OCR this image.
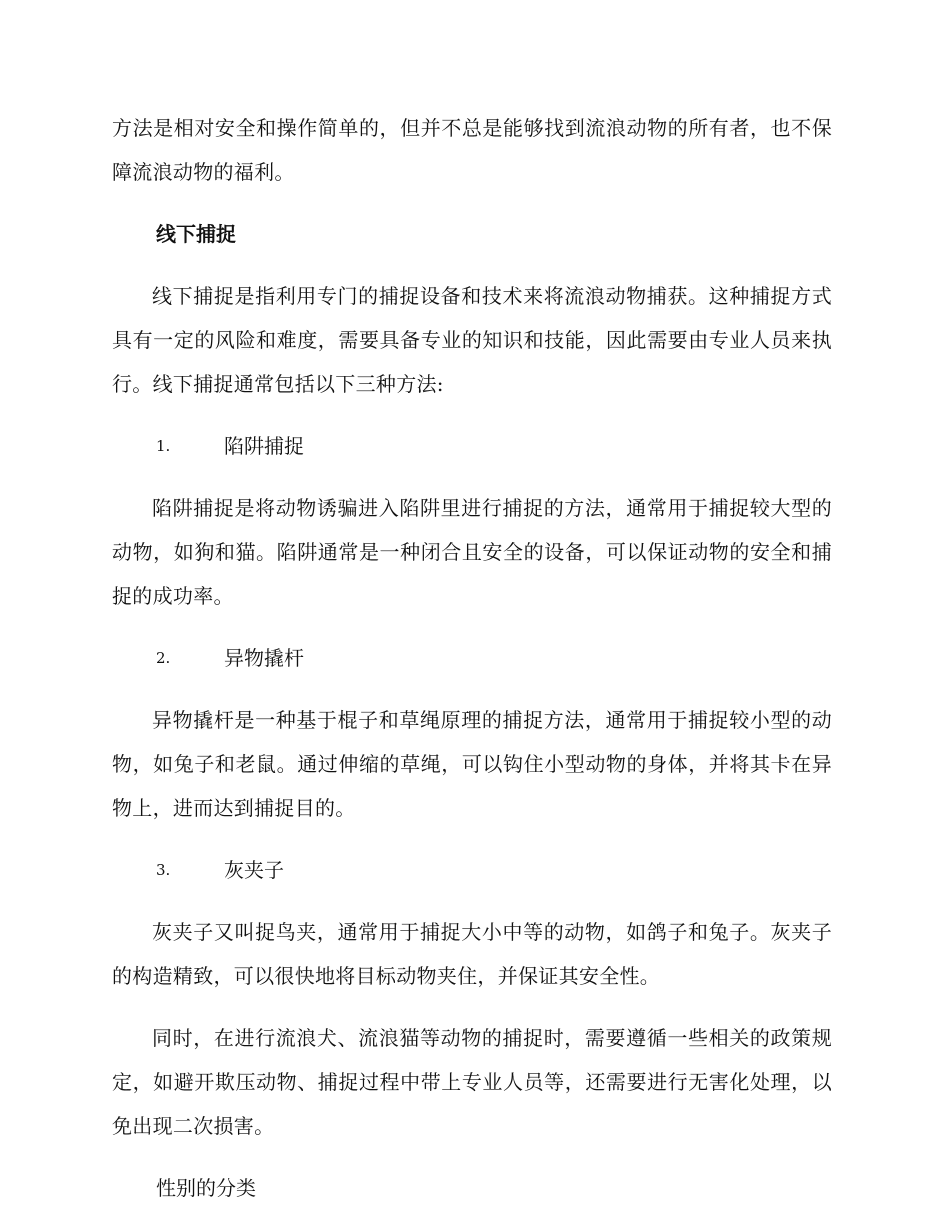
方法是相对安全和操作简单的，但并不总是能够找到流浪动物的所有者，也不保障流浪动物的福利。

线下捕捉

线下捕捉是指利用专门的捕捉设备和技术来将流浪动物捕获。这种捕捉方式具有一定的风险和难度，需要具备专业的知识和技能，因此需要由专业人员来执行。线下捕捉通常包括以下三种方法:

1.	陷阱捕捉

陷阱捕捉是将动物诱骗进入陷阱里进行捕捉的方法，通常用于捕捉较大型的动物，如狗和猫。陷阱通常是一种闭合且安全的设备，可以保证动物的安全和捕捉的成功率。

2.	异物撬杆

异物撬杆是一种基于棍子和草绳原理的捕捉方法，通常用于捕捉较小型的动物，如兔子和老鼠。通过伸缩的草绳，可以钩住小型动物的身体，并将其卡在异物上，进而达到捕捉目的。

3.	灰夹子

灰夹子又叫捉鸟夹，通常用于捕捉大小中等的动物，如鸽子和兔子。灰夹子的构造精致，可以很快地将目标动物夹住，并保证其安全性。

同时，在进行流浪犬、流浪猫等动物的捕捉时，需要遵循一些相关的政策规定，如避开欺压动物、捕捉过程中带上专业人员等，还需要进行无害化处理，以免出现二次损害。

性别的分类
